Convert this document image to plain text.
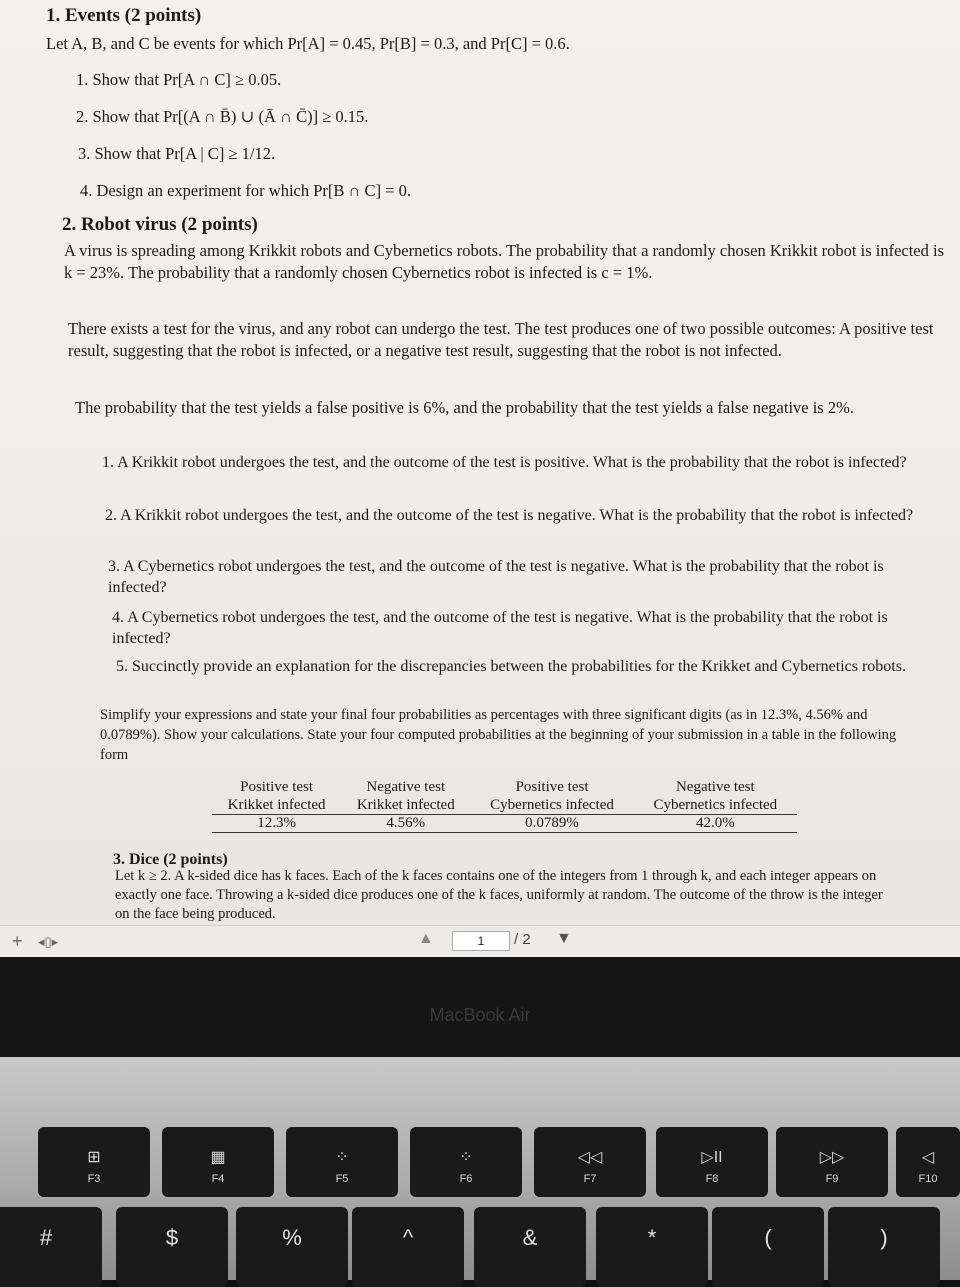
1. Events (2 points)
Let A, B, and C be events for which Pr[A] = 0.45, Pr[B] = 0.3, and Pr[C] = 0.6.
1. Show that Pr[A ∩ C] ≥ 0.05.
2. Show that Pr[(A ∩ B̄) ∪ (Ā ∩ C̄)] ≥ 0.15.
3. Show that Pr[A | C] ≥ 1/12.
4. Design an experiment for which Pr[B ∩ C] = 0.
2. Robot virus (2 points)
A virus is spreading among Krikkit robots and Cybernetics robots. The probability that a randomly chosen Krikkit robot is infected is k = 23%. The probability that a randomly chosen Cybernetics robot is infected is c = 1%.
There exists a test for the virus, and any robot can undergo the test. The test produces one of two possible outcomes: A positive test result, suggesting that the robot is infected, or a negative test result, suggesting that the robot is not infected.
The probability that the test yields a false positive is 6%, and the probability that the test yields a false negative is 2%.
1. A Krikkit robot undergoes the test, and the outcome of the test is positive. What is the probability that the robot is infected?
2. A Krikkit robot undergoes the test, and the outcome of the test is negative. What is the probability that the robot is infected?
3. A Cybernetics robot undergoes the test, and the outcome of the test is negative. What is the probability that the robot is infected?
4. A Cybernetics robot undergoes the test, and the outcome of the test is negative. What is the probability that the robot is infected?
5. Succinctly provide an explanation for the discrepancies between the probabilities for the Krikket and Cybernetics robots.
Simplify your expressions and state your final four probabilities as percentages with three significant digits (as in 12.3%, 4.56% and 0.0789%). Show your calculations. State your four computed probabilities at the beginning of your submission in a table in the following form
Positive test	Negative test	Positive test	Negative test
Krikket infected	Krikket infected	Cybernetics infected	Cybernetics infected
12.3%	4.56%	0.0789%	42.0%
3. Dice (2 points)
Let k ≥ 2. A k-sided dice has k faces. Each of the k faces contains one of the integers from 1 through k, and each integer appears on exactly one face. Throwing a k-sided dice produces one of the k faces, uniformly at random. The outcome of the throw is the integer on the face being produced.
+ ◂▯▸	▲	1	/ 2 ▼
MacBook Air
⊞
F3
▦
F4
⁘
F5
⁘
F6
◁◁
F7
▷II
F8
▷▷
F9
◁
F10
#	$	%	^	&	*	(	)
